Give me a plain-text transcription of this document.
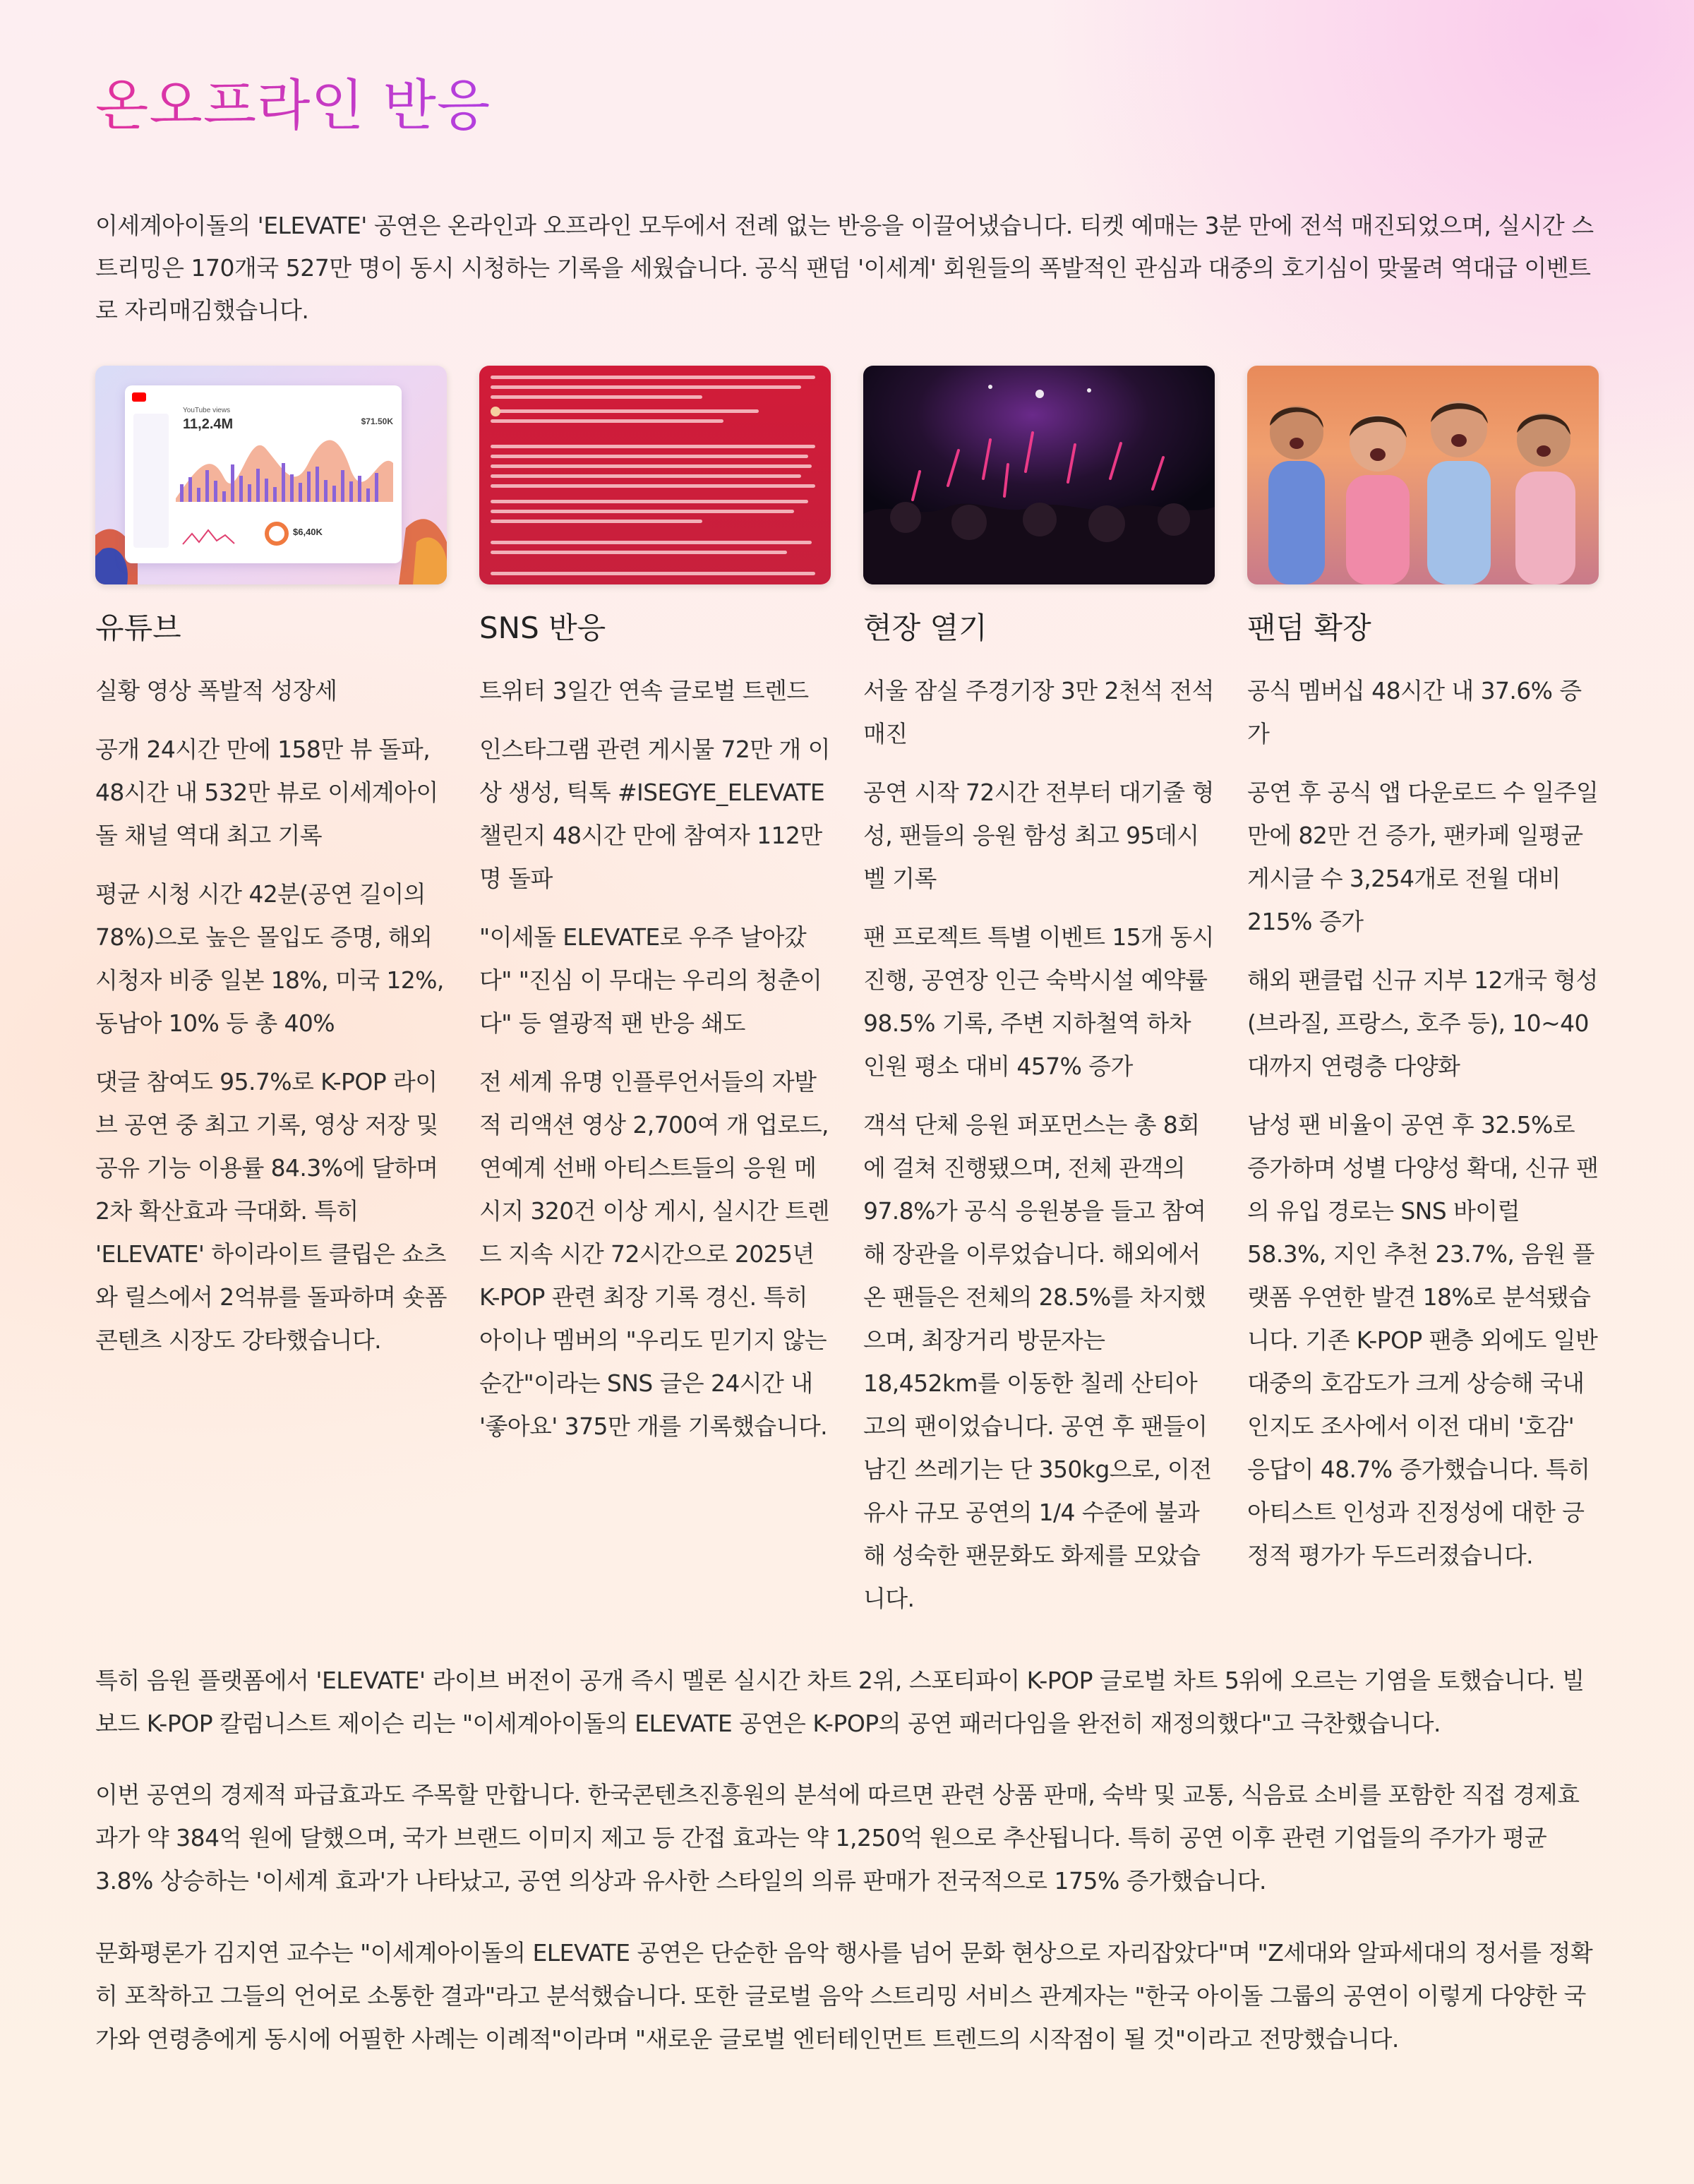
온오프라인 반응

이세계아이돌의 'ELEVATE' 공연은 온라인과 오프라인 모두에서 전례 없는 반응을 이끌어냈습니다. 티켓 예매는 3분 만에 전석 매진되었으며, 실시간 스트리밍은 170개국 527만 명이 동시 시청하는 기록을 세웠습니다. 공식 팬덤 '이세계' 회원들의 폭발적인 관심과 대중의 호기심이 맞물려 역대급 이벤트로 자리매김했습니다.

YouTube views
11,2.4M	$71.50K
$6,40K
유튜브

실황 영상 폭발적 성장세

공개 24시간 만에 158만 뷰 돌파, 48시간 내 532만 뷰로 이세계아이돌 채널 역대 최고 기록

평균 시청 시간 42분(공연 길이의 78%)으로 높은 몰입도 증명, 해외 시청자 비중 일본 18%, 미국 12%, 동남아 10% 등 총 40%

댓글 참여도 95.7%로 K-POP 라이브 공연 중 최고 기록, 영상 저장 및 공유 기능 이용률 84.3%에 달하며 2차 확산효과 극대화. 특히 'ELEVATE' 하이라이트 클립은 쇼츠와 릴스에서 2억뷰를 돌파하며 숏폼 콘텐츠 시장도 강타했습니다.

SNS 반응

트위터 3일간 연속 글로벌 트렌드

인스타그램 관련 게시물 72만 개 이상 생성, 틱톡 #ISEGYE_ELEVATE 챌린지 48시간 만에 참여자 112만 명 돌파

"이세돌 ELEVATE로 우주 날아갔다" "진심 이 무대는 우리의 청춘이다" 등 열광적 팬 반응 쇄도

전 세계 유명 인플루언서들의 자발적 리액션 영상 2,700여 개 업로드, 연예계 선배 아티스트들의 응원 메시지 320건 이상 게시, 실시간 트렌드 지속 시간 72시간으로 2025년 K-POP 관련 최장 기록 경신. 특히 아이나 멤버의 "우리도 믿기지 않는 순간"이라는 SNS 글은 24시간 내 '좋아요' 375만 개를 기록했습니다.

현장 열기

서울 잠실 주경기장 3만 2천석 전석 매진

공연 시작 72시간 전부터 대기줄 형성, 팬들의 응원 함성 최고 95데시벨 기록

팬 프로젝트 특별 이벤트 15개 동시 진행, 공연장 인근 숙박시설 예약률 98.5% 기록, 주변 지하철역 하차 인원 평소 대비 457% 증가

객석 단체 응원 퍼포먼스는 총 8회에 걸쳐 진행됐으며, 전체 관객의 97.8%가 공식 응원봉을 들고 참여해 장관을 이루었습니다. 해외에서 온 팬들은 전체의 28.5%를 차지했으며, 최장거리 방문자는 18,452km를 이동한 칠레 산티아고의 팬이었습니다. 공연 후 팬들이 남긴 쓰레기는 단 350kg으로, 이전 유사 규모 공연의 1/4 수준에 불과해 성숙한 팬문화도 화제를 모았습니다.

팬덤 확장

공식 멤버십 48시간 내 37.6% 증가

공연 후 공식 앱 다운로드 수 일주일 만에 82만 건 증가, 팬카페 일평균 게시글 수 3,254개로 전월 대비 215% 증가

해외 팬클럽 신규 지부 12개국 형성(브라질, 프랑스, 호주 등), 10~40대까지 연령층 다양화

남성 팬 비율이 공연 후 32.5%로 증가하며 성별 다양성 확대, 신규 팬의 유입 경로는 SNS 바이럴 58.3%, 지인 추천 23.7%, 음원 플랫폼 우연한 발견 18%로 분석됐습니다. 기존 K-POP 팬층 외에도 일반 대중의 호감도가 크게 상승해 국내 인지도 조사에서 이전 대비 '호감' 응답이 48.7% 증가했습니다. 특히 아티스트 인성과 진정성에 대한 긍정적 평가가 두드러졌습니다.

특히 음원 플랫폼에서 'ELEVATE' 라이브 버전이 공개 즉시 멜론 실시간 차트 2위, 스포티파이 K-POP 글로벌 차트 5위에 오르는 기염을 토했습니다. 빌보드 K-POP 칼럼니스트 제이슨 리는 "이세계아이돌의 ELEVATE 공연은 K-POP의 공연 패러다임을 완전히 재정의했다"고 극찬했습니다.

이번 공연의 경제적 파급효과도 주목할 만합니다. 한국콘텐츠진흥원의 분석에 따르면 관련 상품 판매, 숙박 및 교통, 식음료 소비를 포함한 직접 경제효과가 약 384억 원에 달했으며, 국가 브랜드 이미지 제고 등 간접 효과는 약 1,250억 원으로 추산됩니다. 특히 공연 이후 관련 기업들의 주가가 평균 3.8% 상승하는 '이세계 효과'가 나타났고, 공연 의상과 유사한 스타일의 의류 판매가 전국적으로 175% 증가했습니다.

문화평론가 김지연 교수는 "이세계아이돌의 ELEVATE 공연은 단순한 음악 행사를 넘어 문화 현상으로 자리잡았다"며 "Z세대와 알파세대의 정서를 정확히 포착하고 그들의 언어로 소통한 결과"라고 분석했습니다. 또한 글로벌 음악 스트리밍 서비스 관계자는 "한국 아이돌 그룹의 공연이 이렇게 다양한 국가와 연령층에게 동시에 어필한 사례는 이례적"이라며 "새로운 글로벌 엔터테인먼트 트렌드의 시작점이 될 것"이라고 전망했습니다.
